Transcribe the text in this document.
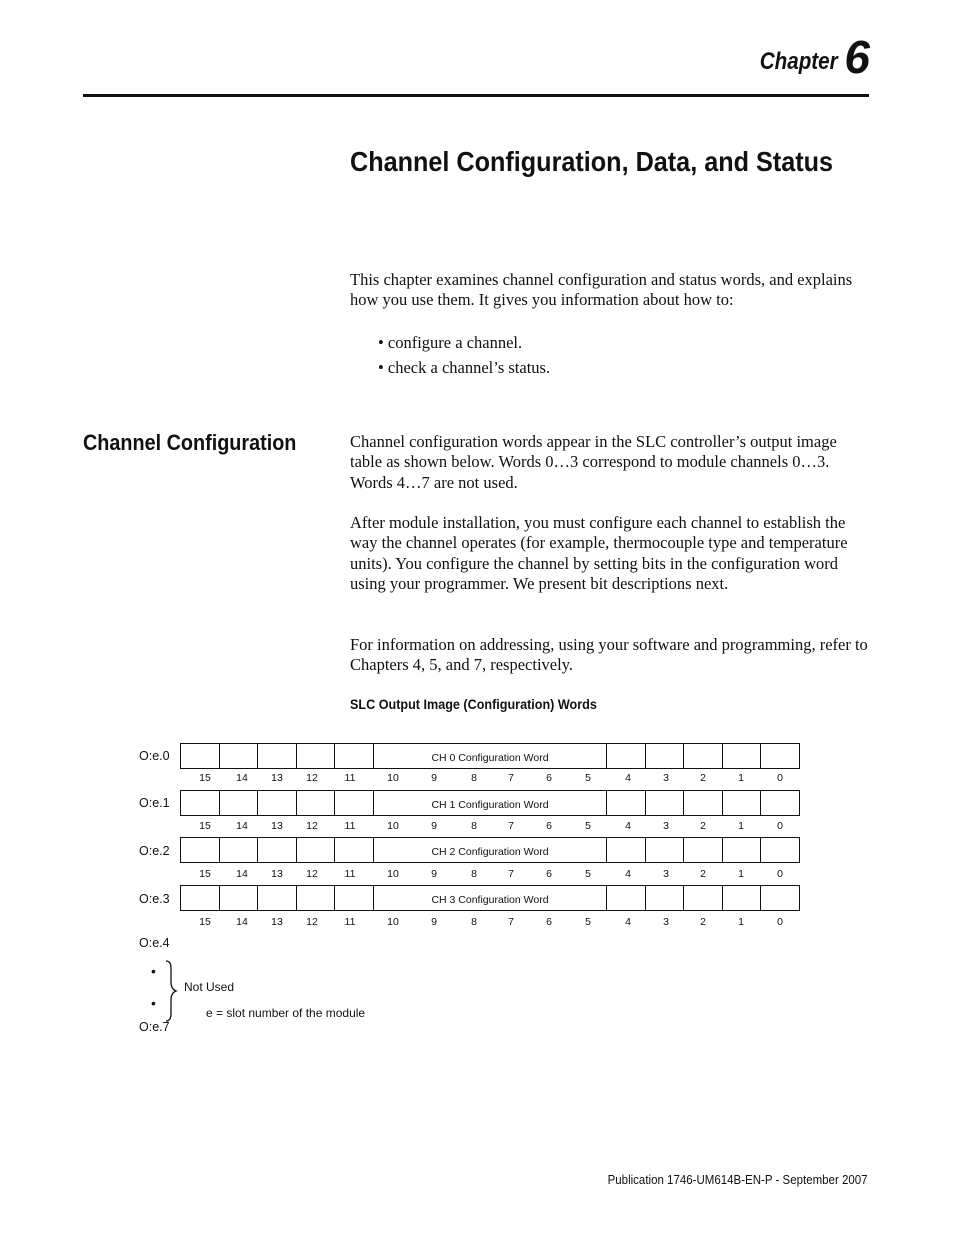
Chapter 6
Channel Configuration, Data, and Status
This chapter examines channel configuration and status words, and explains how you use them. It gives you information about how to:
• configure a channel.
• check a channel’s status.
Channel Configuration	Channel configuration words appear in the SLC controller’s output image table as shown below. Words 0…3 correspond to module channels 0…3. Words 4…7 are not used.
After module installation, you must configure each channel to establish the way the channel operates (for example, thermocouple type and temperature units). You configure the channel by setting bits in the configuration word using your programmer. We present bit descriptions next.
For information on addressing, using your software and programming, refer to Chapters 4, 5, and 7, respectively.
SLC Output Image (Configuration) Words
O:e.0	CH 0 Configuration Word
15	14	13	12	11	10	9	8	7	6	5	4	3	2	1	0
O:e.1	CH 1 Configuration Word
15	14	13	12	11	10	9	8	7	6	5	4	3	2	1	0
O:e.2	CH 2 Configuration Word
15	14	13	12	11	10	9	8	7	6	5	4	3	2	1	0
O:e.3	CH 3 Configuration Word
15	14	13	12	11	10	9	8	7	6	5	4	3	2	1	0
O:e.4
•
•
O:e.7
Not Used
e = slot number of the module
Publication 1746-UM614B-EN-P - September 2007
